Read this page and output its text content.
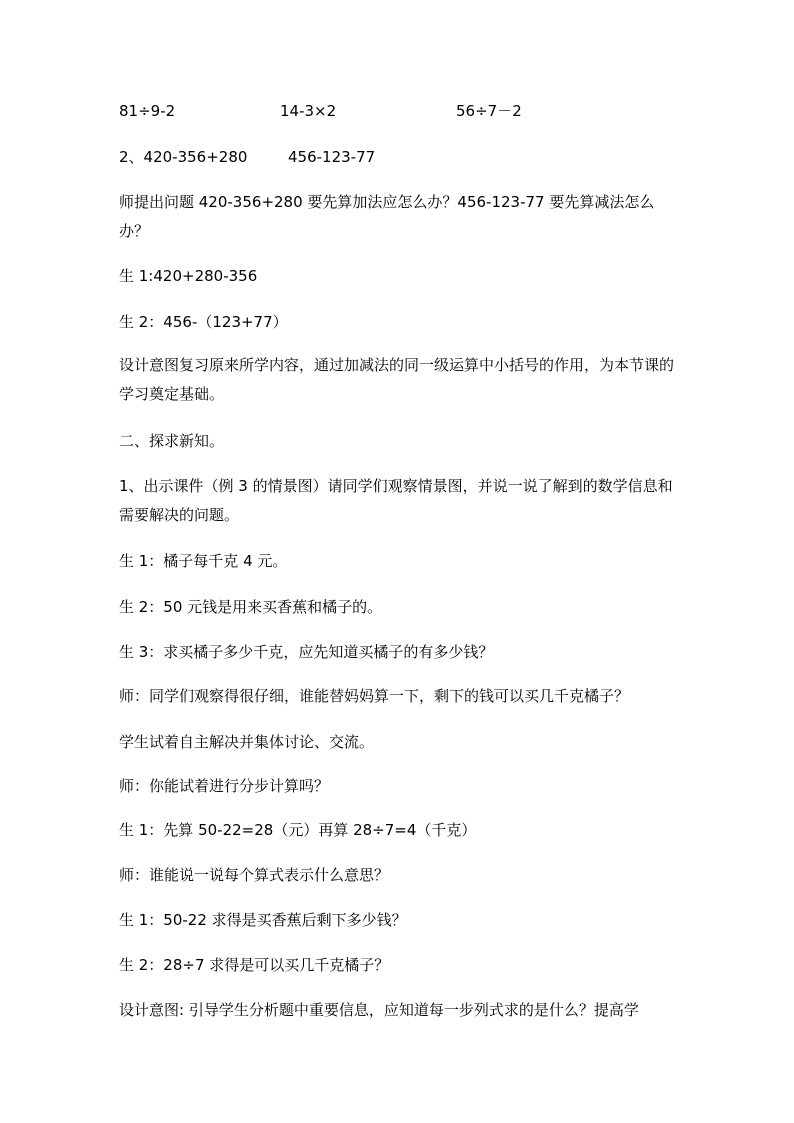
81÷9-2	14-3×2	56÷7－2
2、420-356+280	456-123-77

师提出问题 420-356+280 要先算加法应怎么办？456-123-77 要先算减法怎么办？

生 1:420+280-356

生 2：456-（123+77）

设计意图复习原来所学内容，通过加减法的同一级运算中小括号的作用，为本节课的学习奠定基础。

二、探求新知。

1、出示课件（例 3 的情景图）请同学们观察情景图，并说一说了解到的数学信息和需要解决的问题。

生 1：橘子每千克 4 元。

生 2：50 元钱是用来买香蕉和橘子的。

生 3：求买橘子多少千克，应先知道买橘子的有多少钱？

师：同学们观察得很仔细，谁能替妈妈算一下，剩下的钱可以买几千克橘子？

学生试着自主解决并集体讨论、交流。

师：你能试着进行分步计算吗？

生 1：先算 50-22=28（元）再算 28÷7=4（千克）

师：谁能说一说每个算式表示什么意思？

生 1：50-22 求得是买香蕉后剩下多少钱？

生 2：28÷7 求得是可以买几千克橘子？

设计意图: 引导学生分析题中重要信息，应知道每一步列式求的是什么？提高学
